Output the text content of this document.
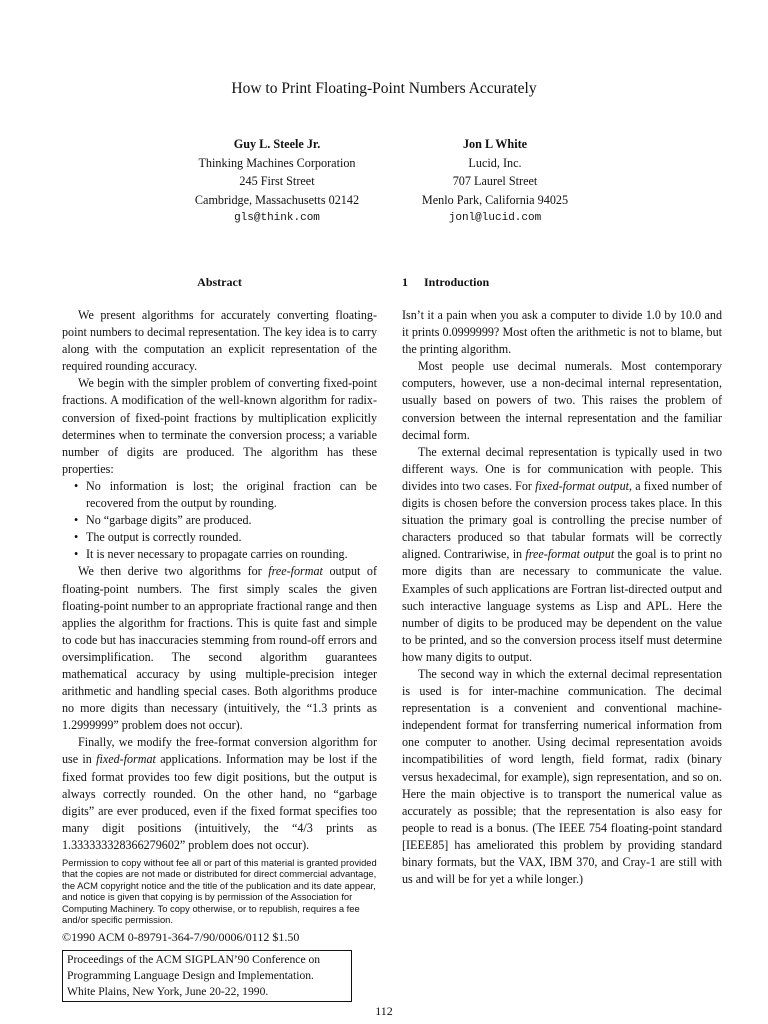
How to Print Floating-Point Numbers Accurately
Guy L. Steele Jr.
Thinking Machines Corporation
245 First Street
Cambridge, Massachusetts 02142
gls@think.com
Jon L White
Lucid, Inc.
707 Laurel Street
Menlo Park, California 94025
jonl@lucid.com
Abstract

We present algorithms for accurately converting floating-point numbers to decimal representation. The key idea is to carry along with the computation an explicit representation of the required rounding accuracy.

We begin with the simpler problem of converting fixed-point fractions. A modification of the well-known algorithm for radix-conversion of fixed-point fractions by multiplication explicitly determines when to terminate the conversion process; a variable number of digits are produced. The algorithm has these properties:

• No information is lost; the original fraction can be recovered from the output by rounding.
• No “garbage digits” are produced.
• The output is correctly rounded.
• It is never necessary to propagate carries on rounding.

We then derive two algorithms for free-format output of floating-point numbers. The first simply scales the given floating-point number to an appropriate fractional range and then applies the algorithm for fractions. This is quite fast and simple to code but has inaccuracies stemming from round-off errors and oversimplification. The second algorithm guarantees mathematical accuracy by using multiple-precision integer arithmetic and handling special cases. Both algorithms produce no more digits than necessary (intuitively, the “1.3 prints as 1.2999999” problem does not occur).

Finally, we modify the free-format conversion algorithm for use in fixed-format applications. Information may be lost if the fixed format provides too few digit positions, but the output is always correctly rounded. On the other hand, no “garbage digits” are ever produced, even if the fixed format specifies too many digit positions (intuitively, the “4/3 prints as 1.333333328366279602” problem does not occur).

Permission to copy without fee all or part of this material is granted provided that the copies are not made or distributed for direct commercial advantage, the ACM copyright notice and the title of the publication and its date appear, and notice is given that copying is by permission of the Association for Computing Machinery. To copy otherwise, or to republish, requires a fee and/or specific permission.

©1990 ACM 0-89791-364-7/90/0006/0112 $1.50

Proceedings of the ACM SIGPLAN’90 Conference on
Programming Language Design and Implementation.
White Plains, New York, June 20-22, 1990.
1 Introduction

Isn’t it a pain when you ask a computer to divide 1.0 by 10.0 and it prints 0.0999999? Most often the arithmetic is not to blame, but the printing algorithm.

Most people use decimal numerals. Most contemporary computers, however, use a non-decimal internal representation, usually based on powers of two. This raises the problem of conversion between the internal representation and the familiar decimal form.

The external decimal representation is typically used in two different ways. One is for communication with people. This divides into two cases. For fixed-format output, a fixed number of digits is chosen before the conversion process takes place. In this situation the primary goal is controlling the precise number of characters produced so that tabular formats will be correctly aligned. Contrariwise, in free-format output the goal is to print no more digits than are necessary to communicate the value. Examples of such applications are Fortran list-directed output and such interactive language systems as Lisp and APL. Here the number of digits to be produced may be dependent on the value to be printed, and so the conversion process itself must determine how many digits to output.

The second way in which the external decimal representation is used is for inter-machine communication. The decimal representation is a convenient and conventional machine-independent format for transferring numerical information from one computer to another. Using decimal representation avoids incompatibilities of word length, field format, radix (binary versus hexadecimal, for example), sign representation, and so on. Here the main objective is to transport the numerical value as accurately as possible; that the representation is also easy for people to read is a bonus. (The IEEE 754 floating-point standard [IEEE85] has ameliorated this problem by providing standard binary formats, but the VAX, IBM 370, and Cray-1 are still with us and will be for yet a while longer.)

112
